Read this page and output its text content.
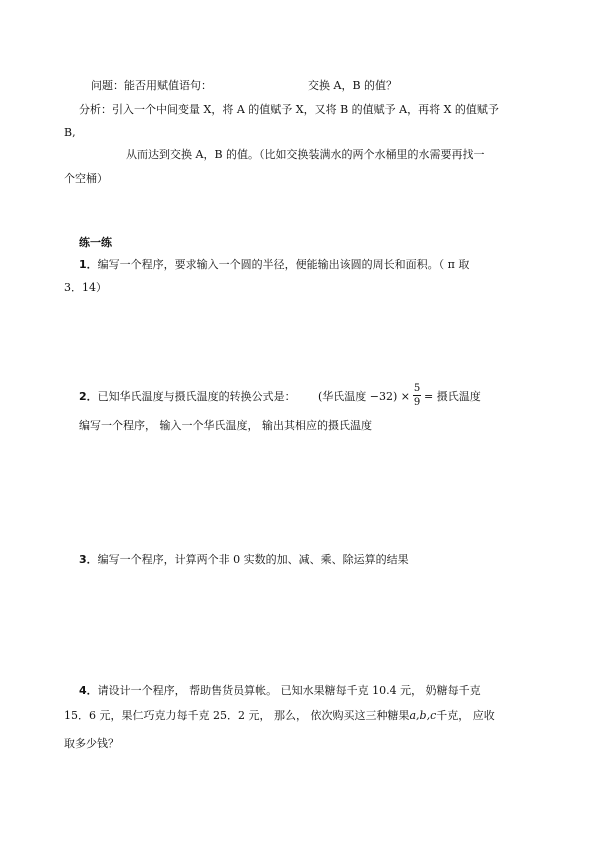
问题：能否用赋值语句：	交换 A，B 的值？
分析：引入一个中间变量 X，将 A 的值赋予 X，又将 B 的值赋予 A，再将 X 的值赋予
B,
从而达到交换 A，B 的值。（比如交换装满水的两个水桶里的水需要再找一
个空桶）
练一练
1．编写一个程序，要求输入一个圆的半径，便能输出该圆的周长和面积。（ π 取
3．14）
2．已知华氏温度与摄氏温度的转换公式是： (华氏温度 $-32) \times \frac{5}{9}$ = 摄氏温度
编写一个程序， 输入一个华氏温度， 输出其相应的摄氏温度
3．编写一个程序，计算两个非 0 实数的加、减、乘、除运算的结果
4．请设计一个程序， 帮助售货员算帐。 已知水果糖每千克 10.4 元， 奶糖每千克
15．6 元，果仁巧克力每千克 25．2 元， 那么， 依次购买这三种糖果a,b,c千克， 应收
取多少钱？
